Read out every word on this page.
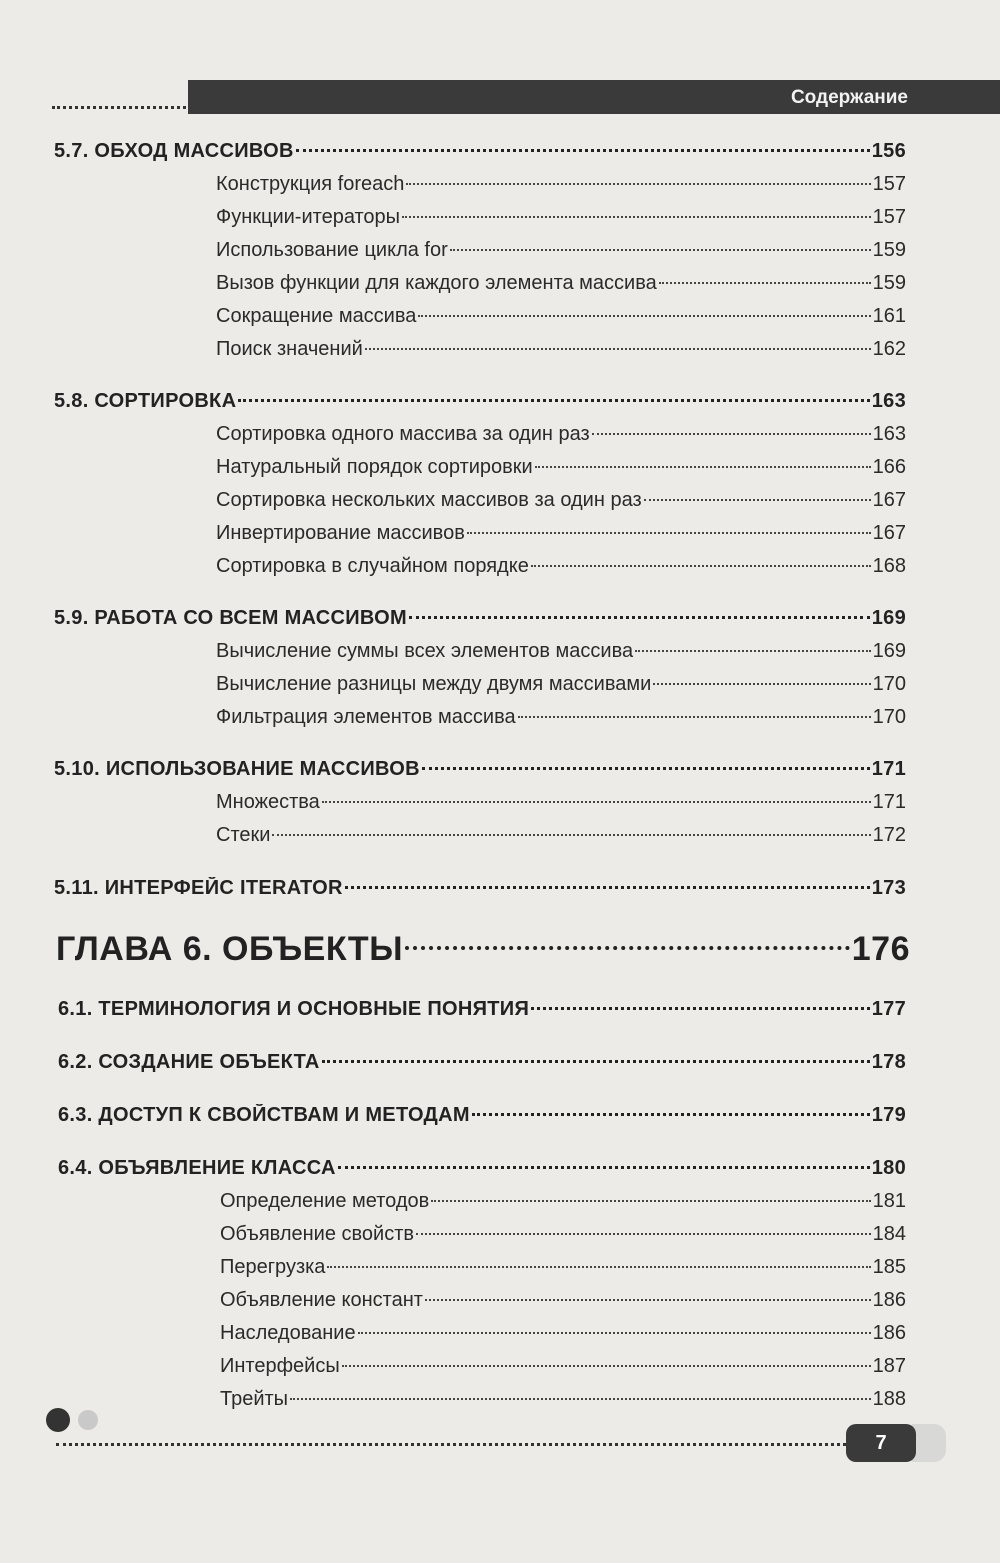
Содержание
5.7. ОБХОД МАССИВОВ	156
Конструкция foreach	157
Функции-итераторы	157
Использование цикла for	159
Вызов функции для каждого элемента массива	159
Сокращение массива	161
Поиск значений	162
5.8. СОРТИРОВКА	163
Сортировка одного массива за один раз	163
Натуральный порядок сортировки	166
Сортировка нескольких массивов за один раз	167
Инвертирование массивов	167
Сортировка в случайном порядке	168
5.9. РАБОТА СО ВСЕМ МАССИВОМ	169
Вычисление суммы всех элементов массива	169
Вычисление разницы между двумя массивами	170
Фильтрация элементов массива	170
5.10. ИСПОЛЬЗОВАНИЕ МАССИВОВ	171
Множества	171
Стеки	172
5.11. ИНТЕРФЕЙС ITERATOR	173
ГЛАВА 6. ОБЪЕКТЫ	176
6.1. ТЕРМИНОЛОГИЯ И ОСНОВНЫЕ ПОНЯТИЯ	177
6.2. СОЗДАНИЕ ОБЪЕКТА	178
6.3. ДОСТУП К СВОЙСТВАМ И МЕТОДАМ	179
6.4. ОБЪЯВЛЕНИЕ КЛАССА	180
Определение методов	181
Объявление свойств	184
Перегрузка	185
Объявление констант	186
Наследование	186
Интерфейсы	187
Трейты	188
7
